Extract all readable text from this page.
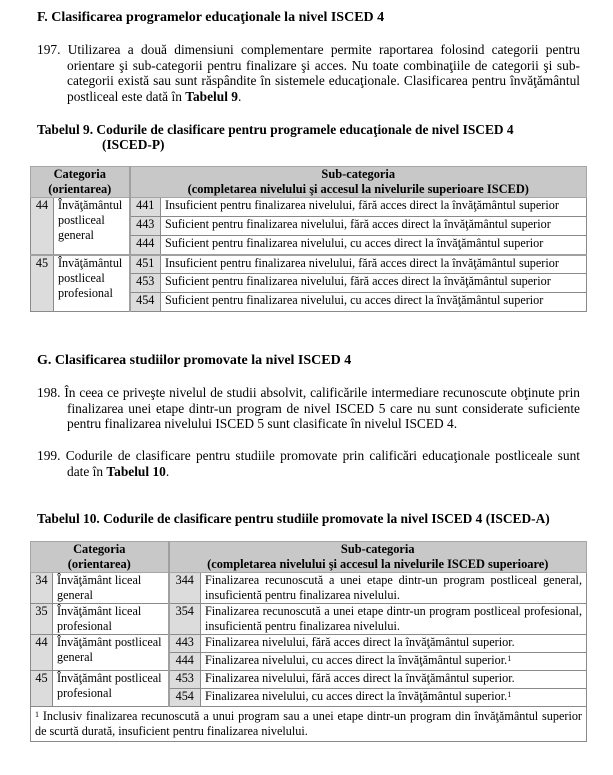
F. Clasificarea programelor educaţionale la nivel ISCED 4

197. Utilizarea a două dimensiuni complementare permite raportarea folosind categorii pentru orientare şi sub-categorii pentru finalizare şi acces. Nu toate combinaţiile de categorii şi sub-categorii există sau sunt răspândite în sistemele educaţionale. Clasificarea pentru învăţământul postliceal este dată în Tabelul 9.

Tabelul 9. Codurile de clasificare pentru programele educaţionale de nivel ISCED 4
(ISCED-P)
Categoria
(orientarea)

Sub-categoria
(completarea nivelului şi accesul la nivelurile superioare ISCED)

44	Învăţământul postliceal general	441	Insuficient pentru finalizarea nivelului, fără acces direct la învăţământul superior
		443	Suficient pentru finalizarea nivelului, fără acces direct la învăţământul superior
		444	Suficient pentru finalizarea nivelului, cu acces direct la învăţământul superior
45	Învăţământul postliceal profesional	451	Insuficient pentru finalizarea nivelului, fără acces direct la învăţământul superior
		453	Suficient pentru finalizarea nivelului, fără acces direct la învăţământul superior
		454	Suficient pentru finalizarea nivelului, cu acces direct la învăţământul superior
G. Clasificarea studiilor promovate la nivel ISCED 4

198. În ceea ce priveşte nivelul de studii absolvit, calificările intermediare recunoscute obţinute prin finalizarea unei etape dintr-un program de nivel ISCED 5 care nu sunt considerate suficiente pentru finalizarea nivelului ISCED 5 sunt clasificate în nivelul ISCED 4.

199. Codurile de clasificare pentru studiile promovate prin calificări educaţionale postliceale sunt date în Tabelul 10.

Tabelul 10. Codurile de clasificare pentru studiile promovate la nivel ISCED 4 (ISCED-A)
Categoria
(orientarea)

Sub-categoria
(completarea nivelului şi accesul la nivelurile ISCED superioare)

34	Învăţământ liceal general	344	Finalizarea recunoscută a unei etape dintr-un program postliceal general, insuficientă pentru finalizarea nivelului.
35	Învăţământ liceal profesional	354	Finalizarea recunoscută a unei etape dintr-un program postliceal profesional, insuficientă pentru finalizarea nivelului.
44	Învăţământ postliceal general	443	Finalizarea nivelului, fără acces direct la învăţământul superior.
		444	Finalizarea nivelului, cu acces direct la învăţământul superior.$^1$
45	Învăţământ postliceal profesional	453	Finalizarea nivelului, fără acces direct la învăţământul superior.
		454	Finalizarea nivelului, cu acces direct la învăţământul superior.$^1$
$^1$ Inclusiv finalizarea recunoscută a unui program sau a unei etape dintr-un program din învăţământul superior de scurtă durată, insuficient pentru finalizarea nivelului.			
